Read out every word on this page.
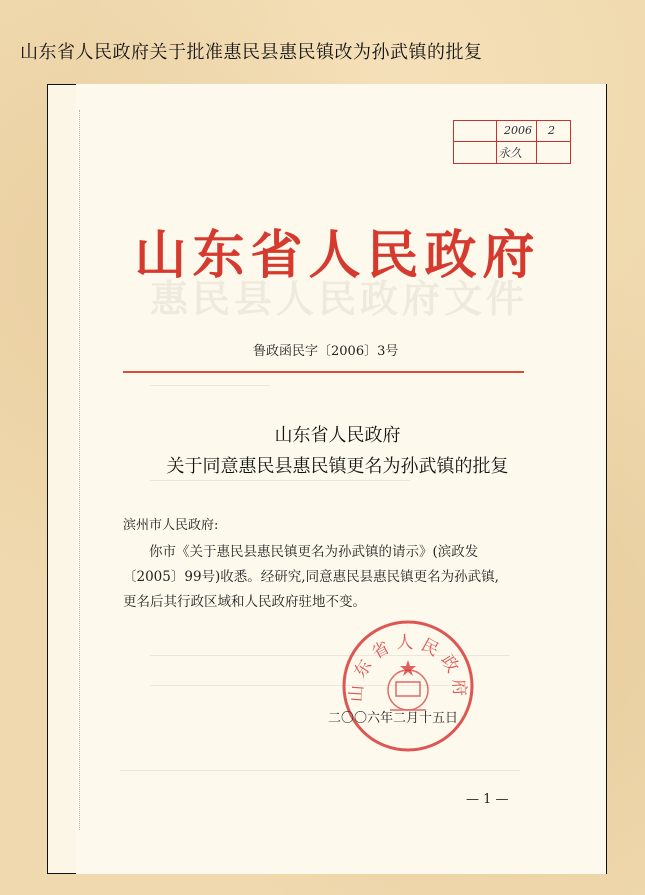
山东省人民政府关于批准惠民县惠民镇改为孙武镇的批复
惠民县人民政府文件
2006 2
永久
山东省人民政府
鲁政函民字〔2006〕3号
山东省人民政府
关于同意惠民县惠民镇更名为孙武镇的批复
滨州市人民政府:
你市《关于惠民县惠民镇更名为孙武镇的请示》(滨政发
〔2005〕99号)收悉。经研究,同意惠民县惠民镇更名为孙武镇,
更名后其行政区域和人民政府驻地不变。
山东省人民政府
二〇〇六年二月十五日
— 1 —
